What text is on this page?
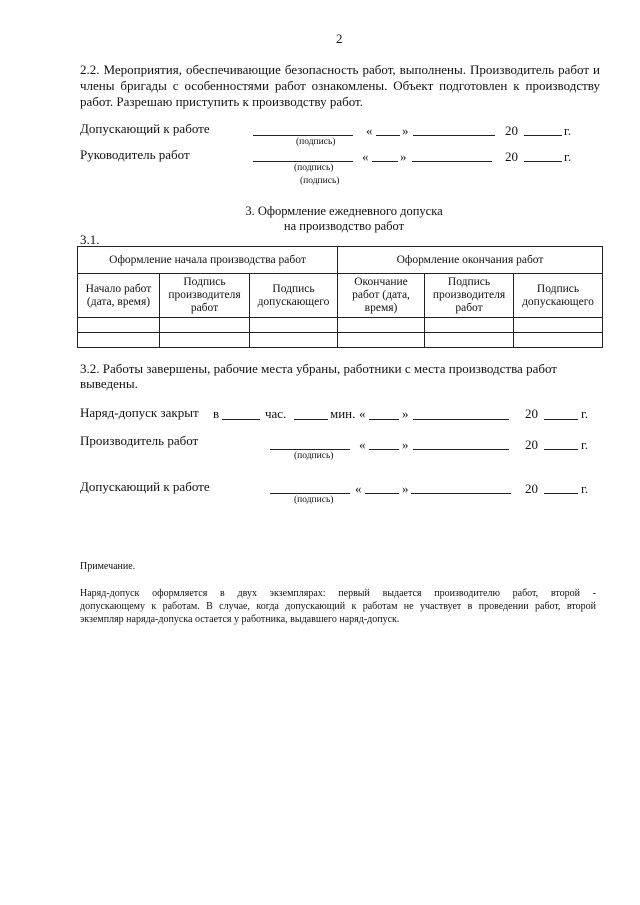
2
2.2. Мероприятия, обеспечивающие безопасность работ, выполнены. Производитель работ и
члены бригады с особенностями работ ознакомлены. Объект подготовлен к производству
работ. Разрешаю приступить к производству работ.
Допускающий к работе
(подпись)
« »	20	г.
Руководитель работ
(подпись)
(подпись)
« »	20	г.
3. Оформление ежедневного допуска
на производство работ
3.1.
Оформление начала производства работ			Оформление окончания работ		
Начало работ
(дата, время)	Подпись
производителя
работ	Подпись
допускающего	Окончание
работ (дата,
время)	Подпись
производителя
работ	Подпись
допускающего

3.2. Работы завершены, рабочие места убраны, работники с места производства работ
выведены.
Наряд-допуск закрыт в	час.	мин. «	»	20	г.
Производитель работ
(подпись)
«	»	20	г.
Допускающий к работе
(подпись)
«	»	20	г.
Примечание.
Наряд-допуск оформляется в двух экземплярах: первый выдается производителю работ, второй -
допускающему к работам. В случае, когда допускающий к работам не участвует в проведении работ, второй
экземпляр наряда-допуска остается у работника, выдавшего наряд-допуск.
